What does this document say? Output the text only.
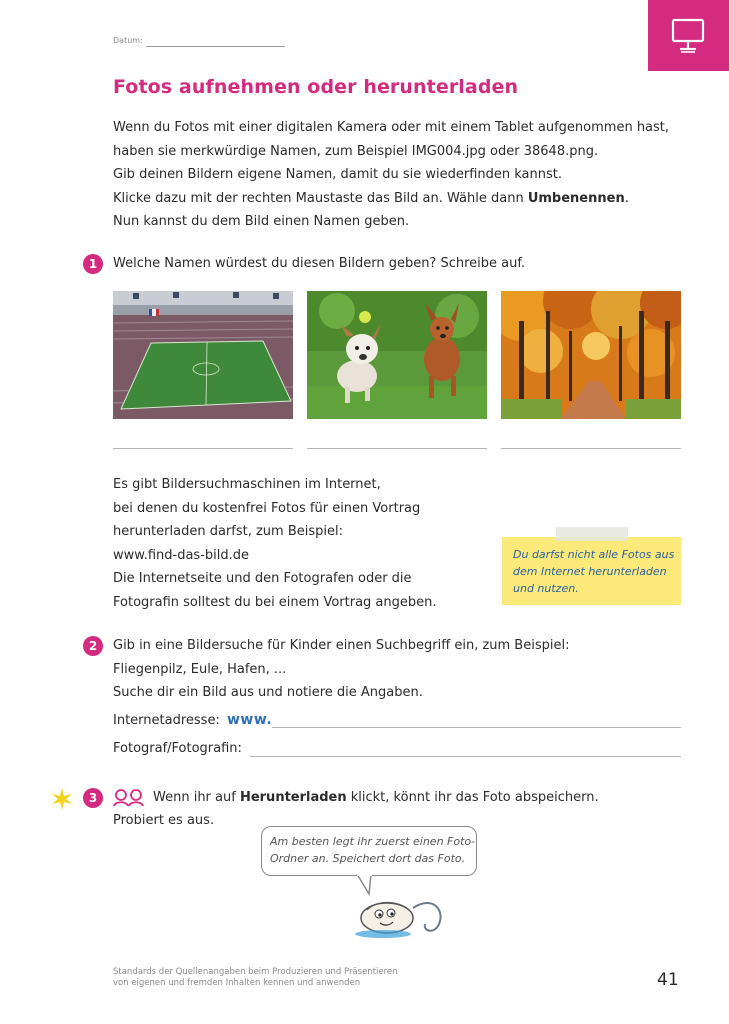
Datum:
Fotos aufnehmen oder herunterladen

Wenn du Fotos mit einer digitalen Kamera oder mit einem Tablet aufgenommen hast,

haben sie merkwürdige Namen, zum Beispiel IMG004.jpg oder 38648.png.

Gib deinen Bildern eigene Namen, damit du sie wiederfinden kannst.

Klicke dazu mit der rechten Maustaste das Bild an. Wähle dann Umbenennen.

Nun kannst du dem Bild einen Namen geben.

1	Welche Namen würdest du diesen Bildern geben? Schreibe auf.

Es gibt Bildersuchmaschinen im Internet,

bei denen du kostenfrei Fotos für einen Vortrag

herunterladen darfst, zum Beispiel:

www.find-das-bild.de

Die Internetseite und den Fotografen oder die

Fotografin solltest du bei einem Vortrag angeben.

Du darfst nicht alle Fotos aus

dem Internet herunterladen

und nutzen.

2	Gib in eine Bildersuche für Kinder einen Suchbegriff ein, zum Beispiel:
Fliegenpilz, Eule, Hafen, ...
Suche dir ein Bild aus und notiere die Angaben.
Internetadresse: www.
Fotograf/Fotografin:
3	Wenn ihr auf Herunterladen klickt, könnt ihr das Foto abspeichern.
Probiert es aus.

Am besten legt ihr zuerst einen Foto-

Ordner an. Speichert dort das Foto.

Standards der Quellenangaben beim Produzieren und Präsentieren

von eigenen und fremden Inhalten kennen und anwenden	41
